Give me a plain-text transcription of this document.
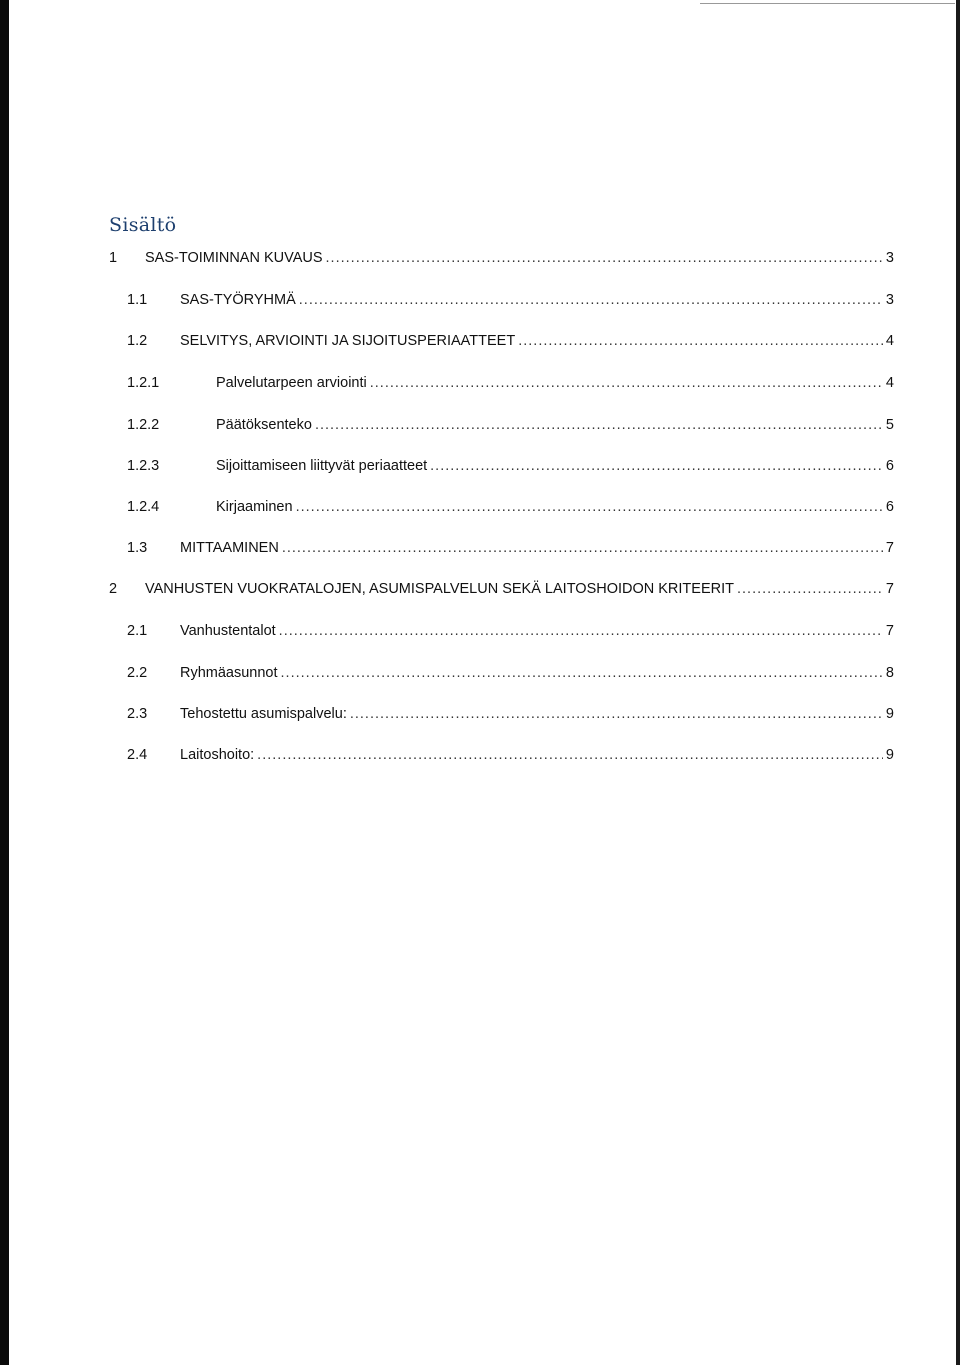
Sisältö
1	SAS-TOIMINNAN KUVAUS .....	3
1.1	SAS-TYÖRYHMÄ .....	3
1.2	SELVITYS, ARVIOINTI JA SIJOITUSPERIAATTEET .....	4
1.2.1	Palvelutarpeen arviointi .....	4
1.2.2	Päätöksenteko .....	5
1.2.3	Sijoittamiseen liittyvät periaatteet .....	6
1.2.4	Kirjaaminen .....	6
1.3	MITTAAMINEN .....	7
2	VANHUSTEN VUOKRATALOJEN, ASUMISPALVELUN SEKÄ LAITOSHOIDON KRITEERIT .....	7
2.1	Vanhustentalot .....	7
2.2	Ryhmäasunnot .....	8
2.3	Tehostettu asumispalvelu: .....	9
2.4	Laitoshoito: .....	9
